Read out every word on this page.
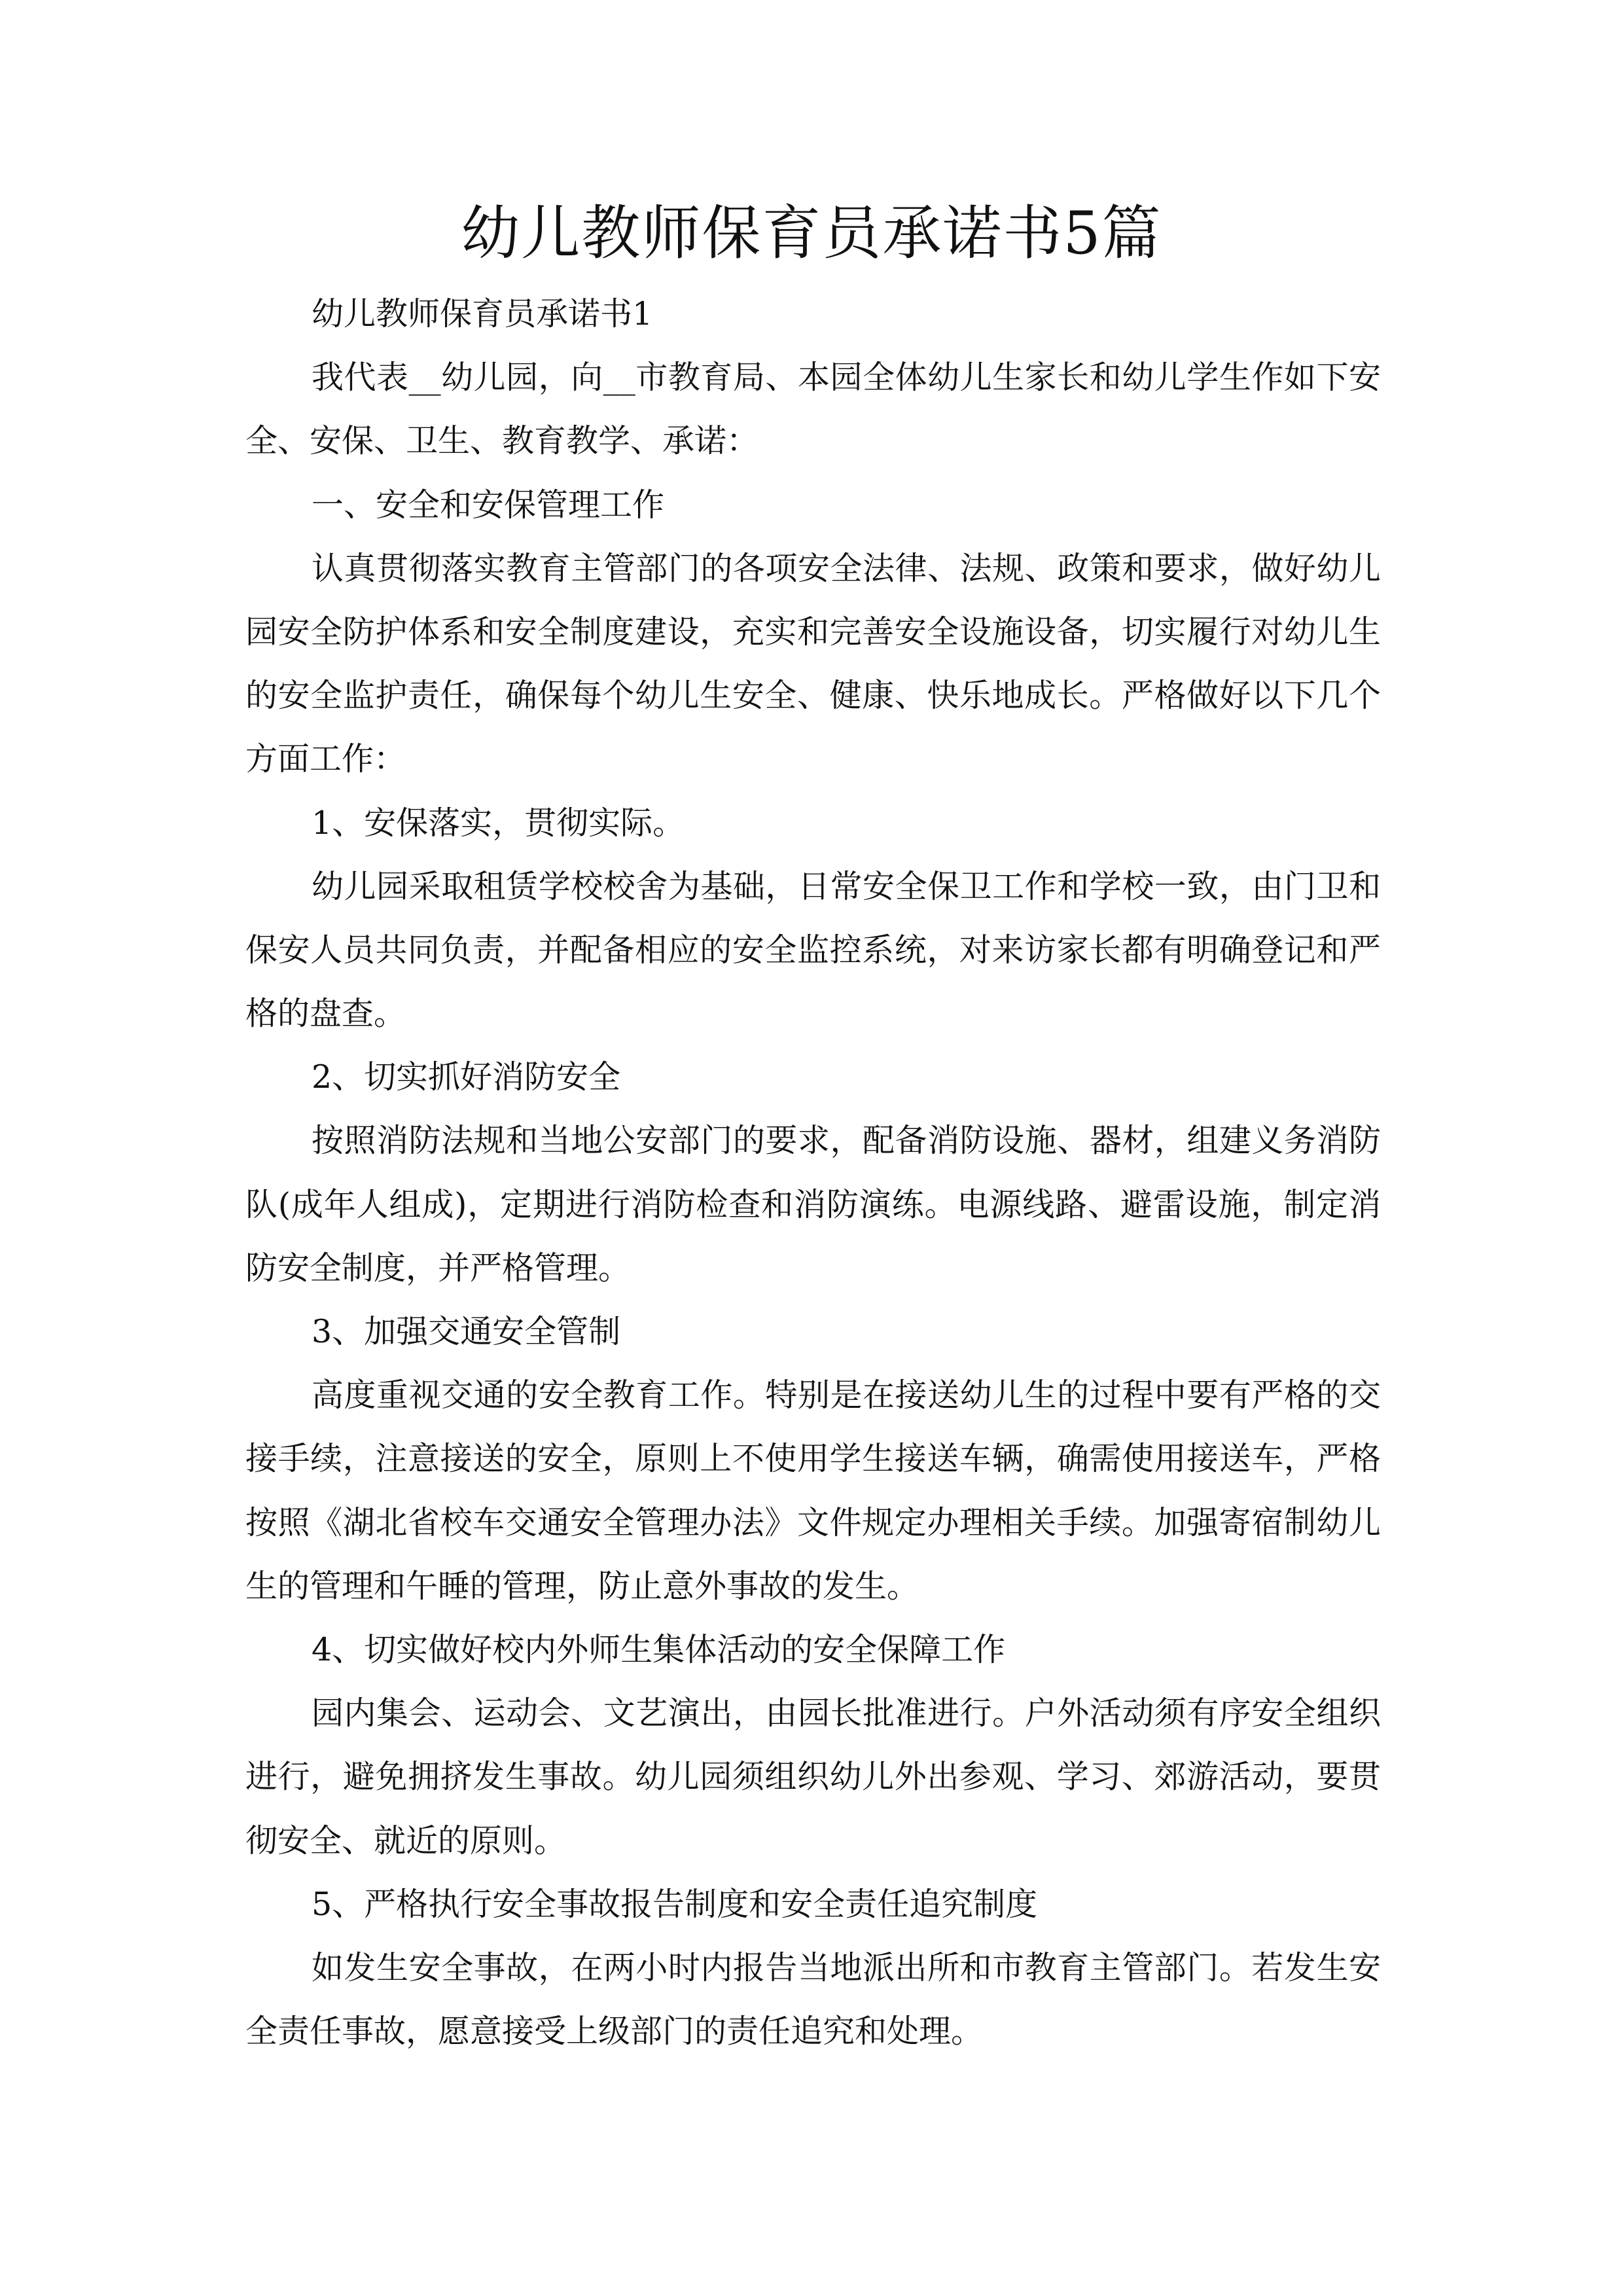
幼儿教师保育员承诺书5篇
幼儿教师保育员承诺书1
我代表__幼儿园，向__市教育局、本园全体幼儿生家长和幼儿学生作如下安
全、安保、卫生、教育教学、承诺：
一、安全和安保管理工作
认真贯彻落实教育主管部门的各项安全法律、法规、政策和要求，做好幼儿
园安全防护体系和安全制度建设，充实和完善安全设施设备，切实履行对幼儿生
的安全监护责任，确保每个幼儿生安全、健康、快乐地成长。严格做好以下几个
方面工作：
1、安保落实，贯彻实际。
幼儿园采取租赁学校校舍为基础，日常安全保卫工作和学校一致，由门卫和
保安人员共同负责，并配备相应的安全监控系统，对来访家长都有明确登记和严
格的盘查。
2、切实抓好消防安全
按照消防法规和当地公安部门的要求，配备消防设施、器材，组建义务消防
队(成年人组成)，定期进行消防检查和消防演练。电源线路、避雷设施，制定消
防安全制度，并严格管理。
3、加强交通安全管制
高度重视交通的安全教育工作。特别是在接送幼儿生的过程中要有严格的交
接手续，注意接送的安全，原则上不使用学生接送车辆，确需使用接送车，严格
按照《湖北省校车交通安全管理办法》文件规定办理相关手续。加强寄宿制幼儿
生的管理和午睡的管理，防止意外事故的发生。
4、切实做好校内外师生集体活动的安全保障工作
园内集会、运动会、文艺演出，由园长批准进行。户外活动须有序安全组织
进行，避免拥挤发生事故。幼儿园须组织幼儿外出参观、学习、郊游活动，要贯
彻安全、就近的原则。
5、严格执行安全事故报告制度和安全责任追究制度
如发生安全事故，在两小时内报告当地派出所和市教育主管部门。若发生安
全责任事故，愿意接受上级部门的责任追究和处理。
